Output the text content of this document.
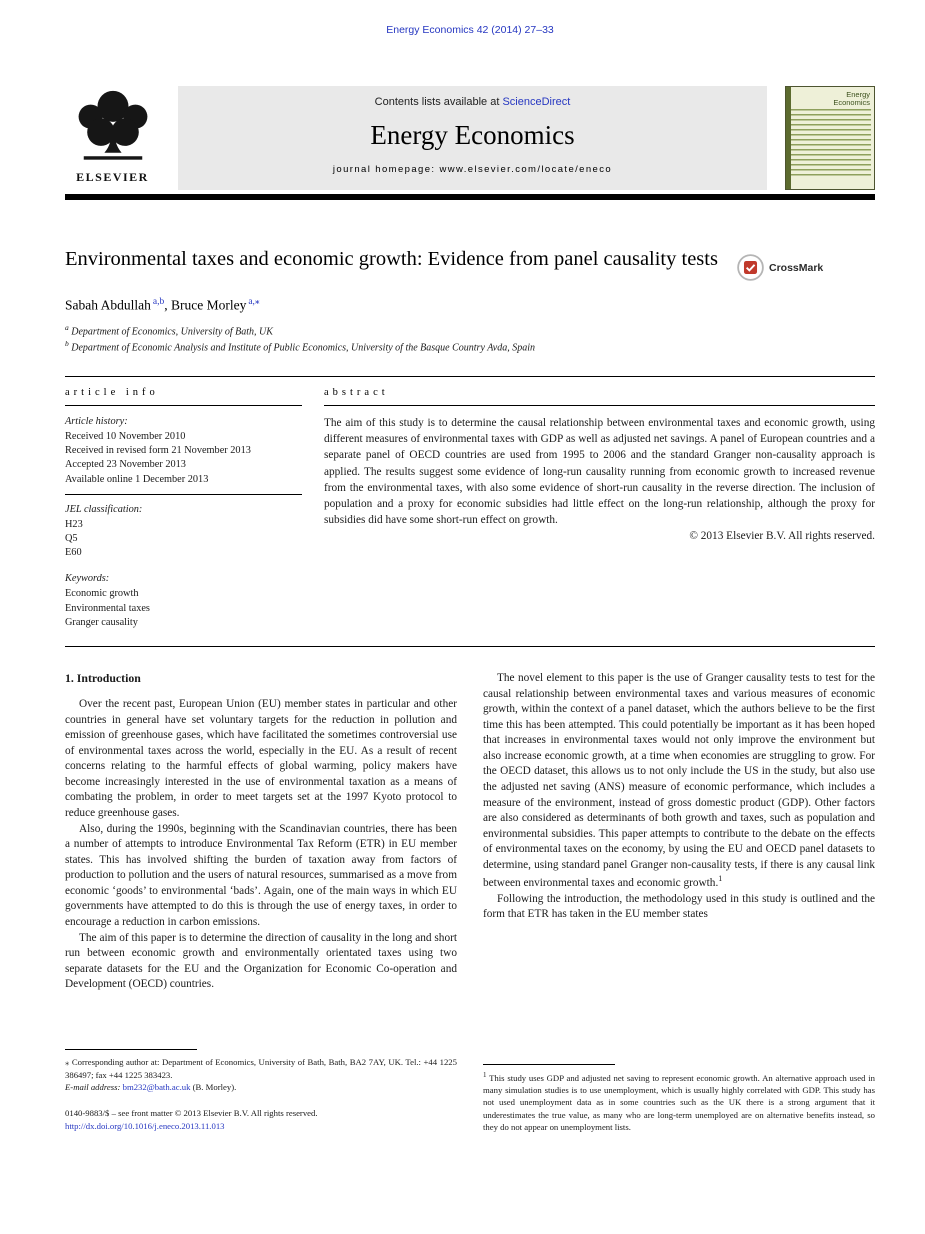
Energy Economics 42 (2014) 27–33
ELSEVIER
Contents lists available at ScienceDirect
Energy Economics
journal homepage: www.elsevier.com/locate/eneco
Energy Economics
Environmental taxes and economic growth: Evidence from panel causality tests	CrossMark
Sabah Abdullah $^{a,b}$, Bruce Morley $^{a,⁎}$
$^a$ Department of Economics, University of Bath, UK
$^b$ Department of Economic Analysis and Institute of Public Economics, University of the Basque Country Avda, Spain
article info
Article history:
Received 10 November 2010
Received in revised form 21 November 2013
Accepted 23 November 2013
Available online 1 December 2013
JEL classification:
H23
Q5
E60
Keywords:
Economic growth
Environmental taxes
Granger causality
abstract
The aim of this study is to determine the causal relationship between environmental taxes and economic growth, using different measures of environmental taxes with GDP as well as adjusted net savings. A panel of European countries and a separate panel of OECD countries are used from 1995 to 2006 and the standard Granger non-causality approach is applied. The results suggest some evidence of long-run causality running from economic growth to increased revenue from the environmental taxes, with also some evidence of short-run causality in the reverse direction. The inclusion of population and a proxy for economic subsidies had little effect on the long-run relationship, although the proxy for subsidies did have some short-run effect on growth.
© 2013 Elsevier B.V. All rights reserved.
1. Introduction

Over the recent past, European Union (EU) member states in particular and other countries in general have set voluntary targets for the reduction in pollution and emission of greenhouse gases, which have facilitated the sometimes controversial use of environmental taxes across the world, especially in the EU. As a result of recent concerns relating to the harmful effects of global warming, policy makers have become increasingly interested in the use of environmental taxation as a means of combating the problem, in order to meet targets set at the 1997 Kyoto protocol to reduce greenhouse gases.

Also, during the 1990s, beginning with the Scandinavian countries, there has been a number of attempts to introduce Environmental Tax Reform (ETR) in EU member states. This has involved shifting the burden of taxation away from factors of production to pollution and the users of natural resources, summarised as a move from economic ‘goods’ to environmental ‘bads’. Again, one of the main ways in which EU governments have attempted to do this is through the use of energy taxes, in order to encourage a reduction in carbon emissions.

The aim of this paper is to determine the direction of causality in the long and short run between economic growth and environmentally orientated taxes using two separate datasets for the EU and the Organization for Economic Co-operation and Development (OECD) countries.

⁎ Corresponding author at: Department of Economics, University of Bath, Bath, BA2 7AY, UK. Tel.: +44 1225 386497; fax +44 1225 383423.

E-mail address: bm232@bath.ac.uk (B. Morley).

0140-9883/$ – see front matter © 2013 Elsevier B.V. All rights reserved.
http://dx.doi.org/10.1016/j.eneco.2013.11.013

The novel element to this paper is the use of Granger causality tests to test for the causal relationship between environmental taxes and various measures of economic growth, within the context of a panel dataset, which the authors believe to be the first time this has been attempted. This could potentially be important as it has been hoped that increases in environmental taxes would not only improve the environment but also increase economic growth, at a time when economies are struggling to grow. For the OECD dataset, this allows us to not only include the US in the study, but also use the adjusted net saving (ANS) measure of economic performance, which includes a measure of the environment, instead of gross domestic product (GDP). Other factors are also considered as determinants of both growth and taxes, such as population and environmental subsidies. This paper attempts to contribute to the debate on the effects of environmental taxes on the economy, by using the EU and OECD panel datasets to determine, using standard panel Granger non-causality tests, if there is any causal link between environmental taxes and economic growth.$^1$

Following the introduction, the methodology used in this study is outlined and the form that ETR has taken in the EU member states

$^1$ This study uses GDP and adjusted net saving to represent economic growth. An alternative approach used in many simulation studies is to use unemployment, which is usually highly correlated with GDP. This study has not used unemployment data as in some countries such as the UK there is a strong argument that it underestimates the true value, as many who are long-term unemployed are on alternative benefits instead, so they do not appear on unemployment lists.
